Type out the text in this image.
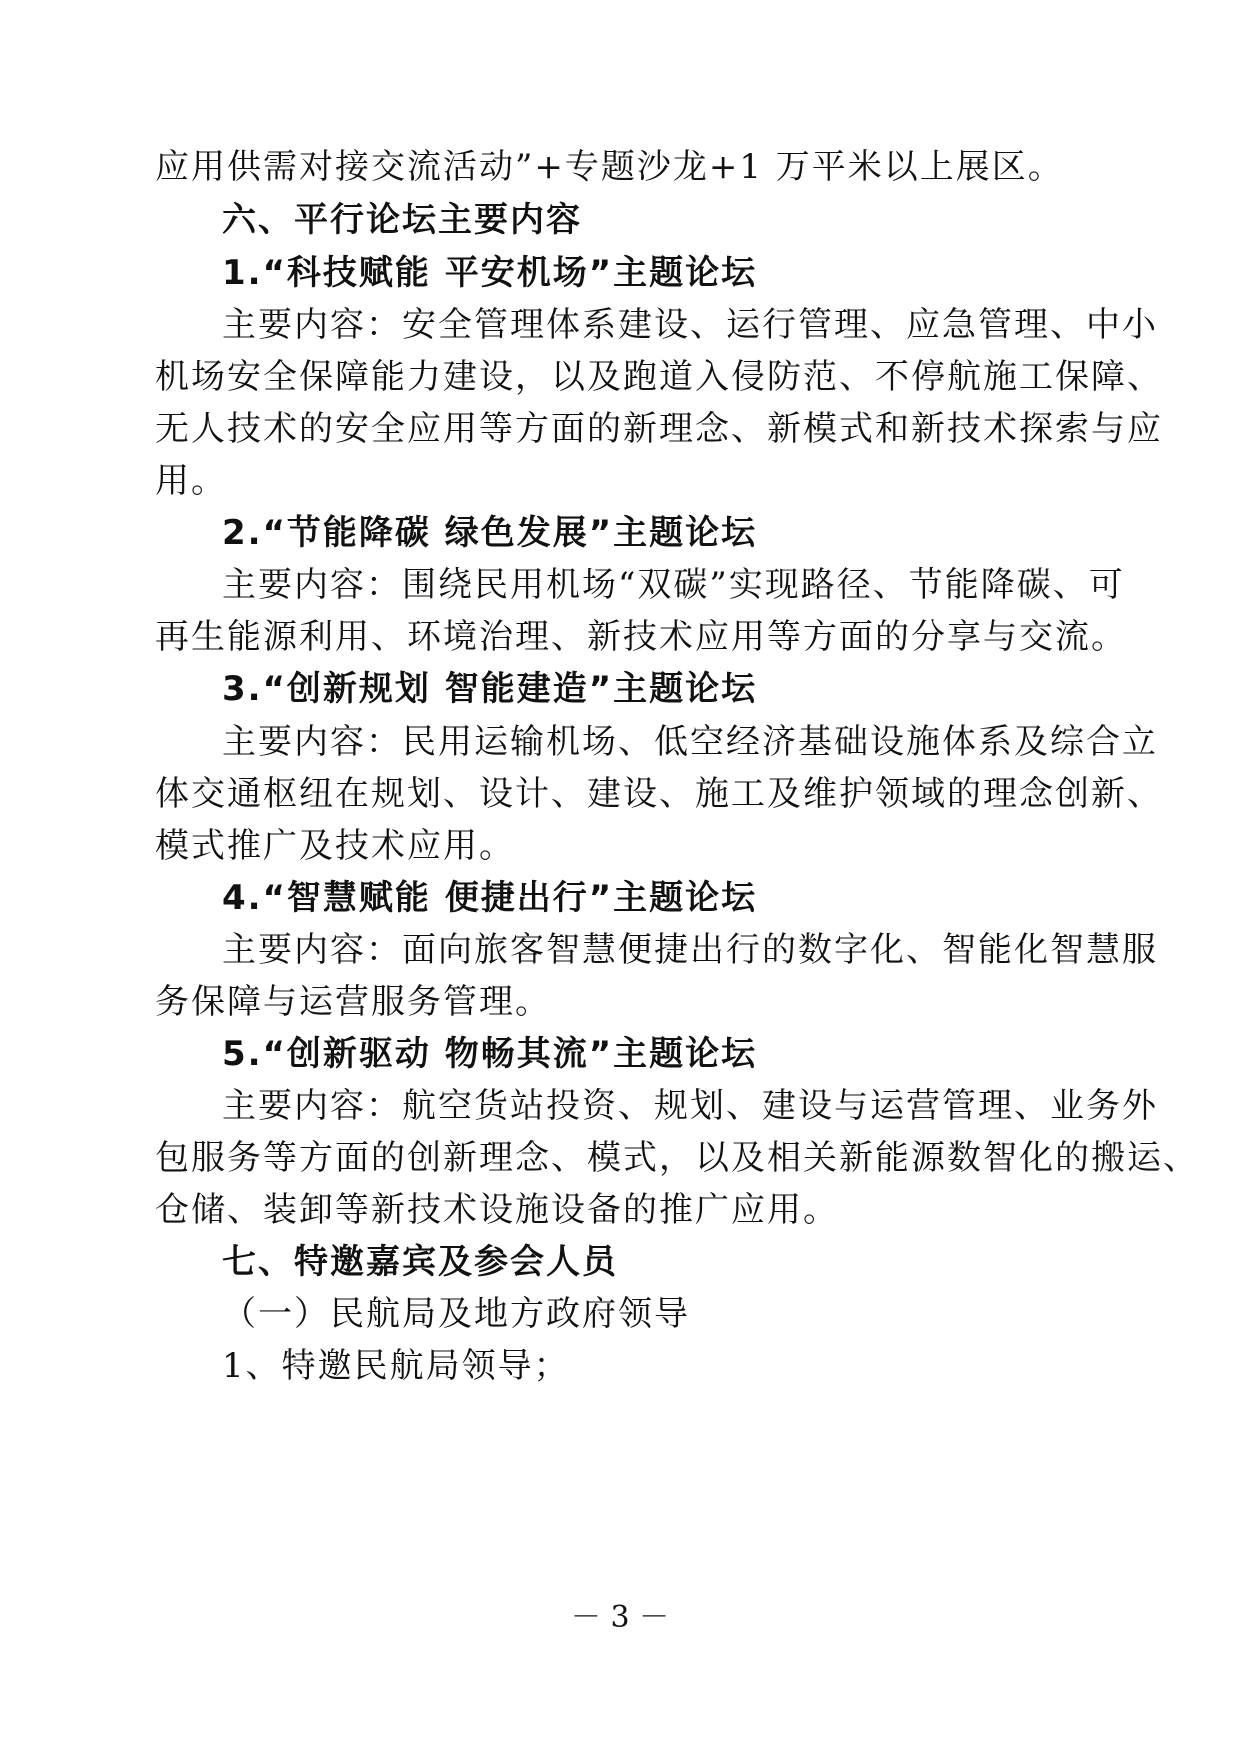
应用供需对接交流活动”+专题沙龙+1 万平米以上展区。
六、平行论坛主要内容
1.“科技赋能 平安机场”主题论坛
主要内容：安全管理体系建设、运行管理、应急管理、中小
机场安全保障能力建设，以及跑道入侵防范、不停航施工保障、
无人技术的安全应用等方面的新理念、新模式和新技术探索与应
用。
2.“节能降碳 绿色发展”主题论坛
主要内容：围绕民用机场“双碳”实现路径、节能降碳、可
再生能源利用、环境治理、新技术应用等方面的分享与交流。
3.“创新规划 智能建造”主题论坛
主要内容：民用运输机场、低空经济基础设施体系及综合立
体交通枢纽在规划、设计、建设、施工及维护领域的理念创新、
模式推广及技术应用。
4.“智慧赋能 便捷出行”主题论坛
主要内容：面向旅客智慧便捷出行的数字化、智能化智慧服
务保障与运营服务管理。
5.“创新驱动 物畅其流”主题论坛
主要内容：航空货站投资、规划、建设与运营管理、业务外
包服务等方面的创新理念、模式，以及相关新能源数智化的搬运、
仓储、装卸等新技术设施设备的推广应用。
七、特邀嘉宾及参会人员
（一）民航局及地方政府领导
1、特邀民航局领导；
－ 3 －
